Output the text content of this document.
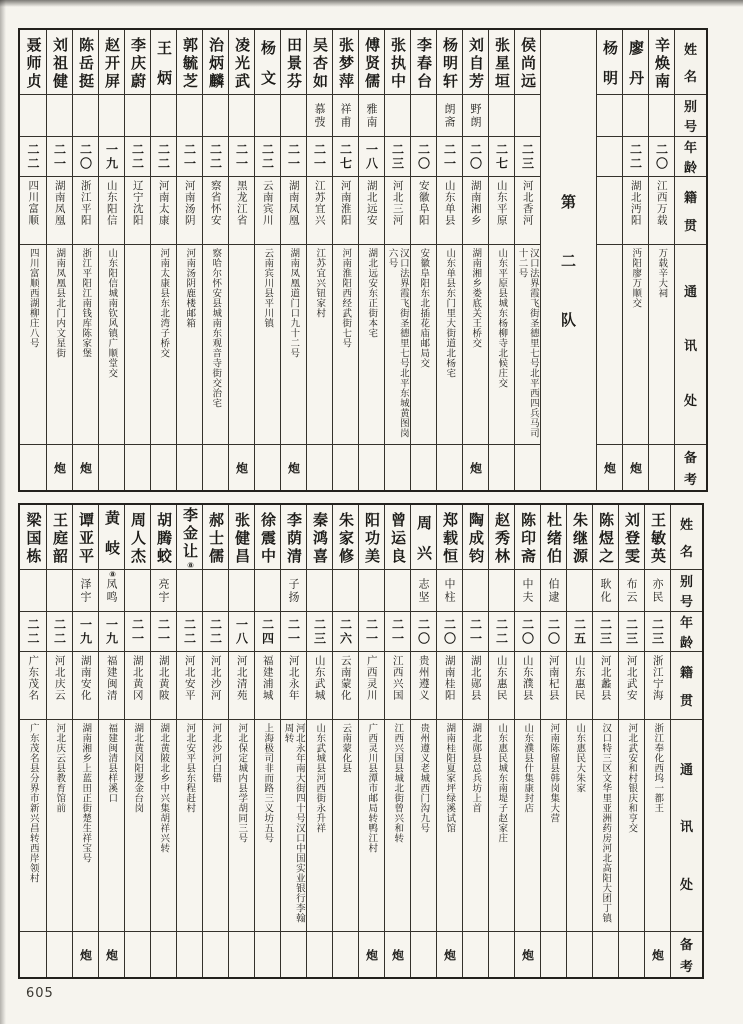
姓
名
别
号
年
龄
籍
贯
通
讯
处
备
考
辛焕南
二〇
江西万载
万载辛大祠
廖丹
二二
湖北沔阳
沔阳廖万顺交
炮
杨明
炮
第
二
队
侯尚远
二三
河北香河
汉口法界霞飞街圣德里七号北平西四兵马司十二号
张星垣
二七
山东平原
山东平原县城东杨柳寺北候庄交
刘自芳
野朗
二〇
湖南湘乡
湖南湘乡娄底关王桥交
炮
杨明轩
朗斋
二一
山东单县
山东单县东门里大街道北杨宅
李春台
二〇
安徽阜阳
安徽阜阳东北插花庙邮局交
张执中
二三
河北三河
汉口法界霞飞街圣德里七号北平东城黄图岗六号
傅贤儒
雅南
一八
湖北远安
湖北远安东正街本宅
张梦萍
祥甫
二七
河南淮阳
河南淮阳西经武街七号
吴杏如
慕弢
二一
江苏宜兴
江苏宜兴钮家村
田景芬
二一
湖南凤凰
湖南凤凰道门口九十二号
炮
杨文
二二
云南宾川
云南宾川县平川镇
凌光武
二一
黑龙江省
炮
治炳麟
二二
察省怀安
察哈尔怀安县城南东观音寺街交治宅
郭毓芝
二一
河南汤阴
河南汤阴鹿楼邮箱
王炳
二二
河南太康
河南太康县东北湾子桥交
李庆蔚
二二
辽宁沈阳
赵开屏
一九
山东阳信
山东阳信城南钦风镇广顺堂交
陈岳挺
二〇
浙江平阳
浙江平阳江南钱库陈家堡
炮
刘祖健
二一
湖南凤凰
湖南凤凰县北门内文星街
炮
聂师贞
二二
四川富顺
四川富顺西湖柳庄八号
姓
名
别
号
年
龄
籍
贯
通
讯
处
备
考
王敏英
亦民
二三
浙江宁海
浙江奉化西坞一都王
炮
刘登雯
布云
二三
河北武安
河北武安和村银庆和亨交
陈煜之
耿化
二三
河北蠡县
汉口特三区文华里亚洲药房河北高阳大团丁镇
朱继源
二五
山东惠民
山东惠民大朱家
杜绪伯
伯逮
二〇
河南杞县
河南陈留县韩岗集大营
陈印斋
中夫
二〇
山东濮县
山东濮县什集康封店
炮
赵秀林
二二
山东惠民
山东惠民城东南堤子赵家庄
陶成钧
二一
湖北郧县
湖北郧县总兵坊上首
郑载恒
中柱
二〇
湖南桂阳
湖南桂阳夏家坪绿溪试馆
炮
周兴
志坚
二〇
贵州遵义
贵州遵义老城西门沟九号
曾运良
二一
江西兴国
江西兴国县城北街曾兴和转
炮
阳功美
二一
广西灵川
广西灵川县潭市邮局转鸭江村
炮
朱家修
二六
云南蒙化
云南蒙化县
秦鸿喜
二三
山东武城
山东武城县河西街永升祥
李荫清
子扬
二一
河北永年
河北永年南大街四十号汉口中国实业银行李翰周转
徐震中
二四
福建浦城
上海极司非而路三义坊五号
张健昌
一八
河北清苑
河北保定城内县学胡同三号
郝士儒
二二
河北沙河
河北沙河白错
李金让⑧
二二
河北安平
河北安平县东程赶村
胡腾蛟
亮宇
二一
湖北黄陂
湖北黄陂北乡中兴集胡祥兴转
周人杰
二一
湖北黄冈
湖北黄冈阳逻金台岗
黄岐⑧
凤鸣
一九
福建闽清
福建闽清县样溪口
炮
谭亚平
泽宇
一九
湖南安化
湖南湘乡上蓝田正街楚生祥宝号
炮
王庭韶
二二
河北庆云
河北庆云县教育馆前
梁国栋
二二
广东茂名
广东茂名县分界市新兴昌转西岸领村
605
